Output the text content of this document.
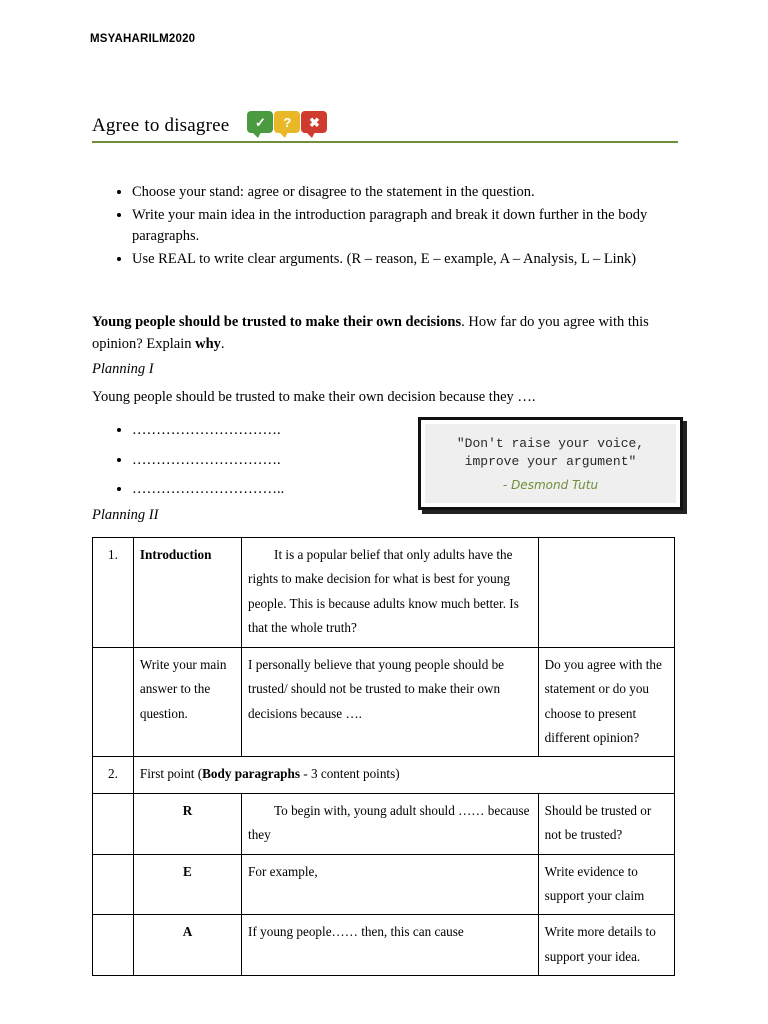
MSYAHARILM2020
Agree to disagree ✓ ? ✖
• Choose your stand: agree or disagree to the statement in the question.
• Write your main idea in the introduction paragraph and break it down further in the body paragraphs.
• Use REAL to write clear arguments. (R – reason, E – example, A – Analysis, L – Link)
Young people should be trusted to make their own decisions. How far do you agree with this opinion? Explain why.
Planning I
Young people should be trusted to make their own decision because they ….
• ………………………….
• ………………………….
• …………………………..
"Don't raise your voice,
improve your argument"
- Desmond Tutu
Planning II
1.	Introduction	It is a popular belief that only adults have the rights to make decision for what is best for young people. This is because adults know much better. Is that the whole truth?	
	Write your main answer to the question.	I personally believe that young people should be trusted/ should not be trusted to make their own decisions because ….	Do you agree with the statement or do you choose to present different opinion?
2.	First point (Body paragraphs - 3 content points)		
	R	To begin with, young adult should …… because they	Should be trusted or not be trusted?
	E	For example,	Write evidence to support your claim
	A	If young people…… then, this can cause	Write more details to support your idea.
